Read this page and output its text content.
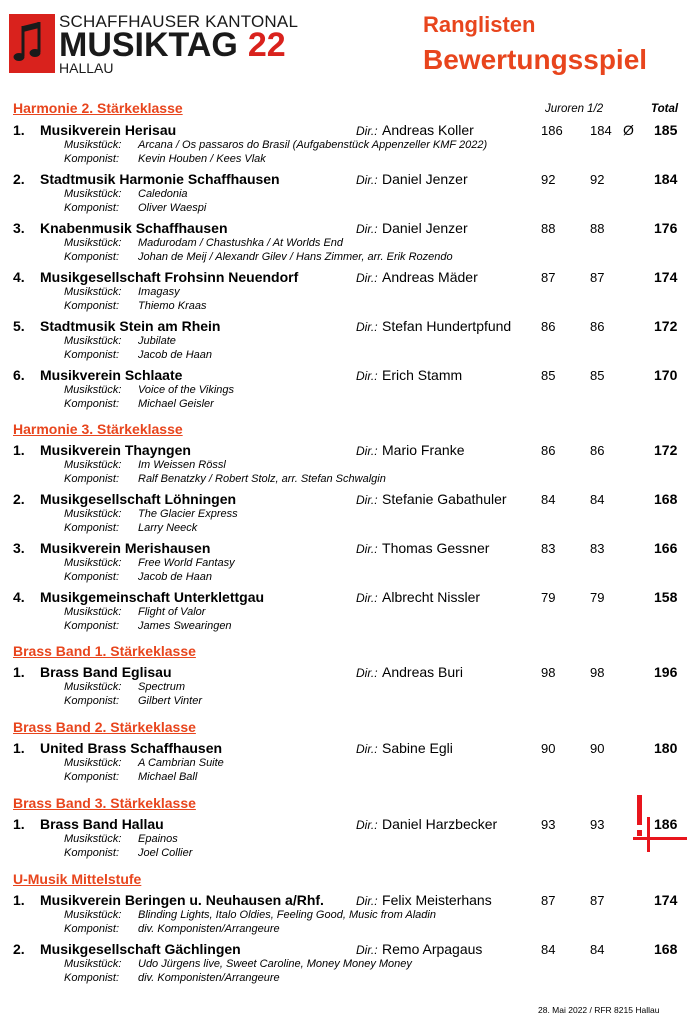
SCHAFFHAUSER KANTONAL
MUSIKTAG 22
HALLAU
Ranglisten
Bewertungsspiel
Juroren 1/2	Total
Harmonie 2. Stärkeklasse
1. Musikverein Herisau	Dir.: Andreas Koller	186 184 Ø 185
Musikstück: Arcana / Os passaros do Brasil (Aufgabenstück Appenzeller KMF 2022)
Komponist: Kevin Houben / Kees Vlak
2. Stadtmusik Harmonie Schaffhausen	Dir.: Daniel Jenzer	92	92	184
Musikstück: Caledonia
Komponist: Oliver Waespi
3. Knabenmusik Schaffhausen	Dir.: Daniel Jenzer	88	88	176
Musikstück: Madurodam / Chastushka / At Worlds End
Komponist: Johan de Meij / Alexandr Gilev / Hans Zimmer, arr. Erik Rozendo
4. Musikgesellschaft Frohsinn Neuendorf	Dir.: Andreas Mäder	87	87	174
Musikstück: Imagasy
Komponist: Thiemo Kraas
5. Stadtmusik Stein am Rhein	Dir.: Stefan Hundertpfund 86	86	172
Musikstück: Jubilate
Komponist: Jacob de Haan
6. Musikverein Schlaate	Dir.: Erich Stamm	85	85	170
Musikstück: Voice of the Vikings
Komponist: Michael Geisler
Harmonie 3. Stärkeklasse
1. Musikverein Thayngen	Dir.: Mario Franke	86	86	172
Musikstück: Im Weissen Rössl
Komponist: Ralf Benatzky / Robert Stolz, arr. Stefan Schwalgin
2. Musikgesellschaft Löhningen	Dir.: Stefanie Gabathuler	84	84	168
Musikstück: The Glacier Express
Komponist: Larry Neeck
3. Musikverein Merishausen	Dir.: Thomas Gessner	83	83	166
Musikstück: Free World Fantasy
Komponist: Jacob de Haan
4. Musikgemeinschaft Unterklettgau	Dir.: Albrecht Nissler	79	79	158
Musikstück: Flight of Valor
Komponist: James Swearingen
Brass Band 1. Stärkeklasse
1. Brass Band Eglisau	Dir.: Andreas Buri	98	98	196
Musikstück: Spectrum
Komponist: Gilbert Vinter
Brass Band 2. Stärkeklasse
1. United Brass Schaffhausen	Dir.: Sabine Egli	90	90	180
Musikstück: A Cambrian Suite
Komponist: Michael Ball
Brass Band 3. Stärkeklasse
1. Brass Band Hallau	Dir.: Daniel Harzbecker	93	93	186
Musikstück: Epainos
Komponist: Joel Collier
U-Musik Mittelstufe
1. Musikverein Beringen u. Neuhausen a/Rhf.	Dir.: Felix Meisterhans	87	87	174
Musikstück: Blinding Lights, Italo Oldies, Feeling Good, Music from Aladin
Komponist: div. Komponisten/Arrangeure
2. Musikgesellschaft Gächlingen	Dir.: Remo Arpagaus	84	84	168
Musikstück: Udo Jürgens live, Sweet Caroline, Money Money Money
Komponist: div. Komponisten/Arrangeure
28. Mai 2022 / RFR 8215 Hallau
